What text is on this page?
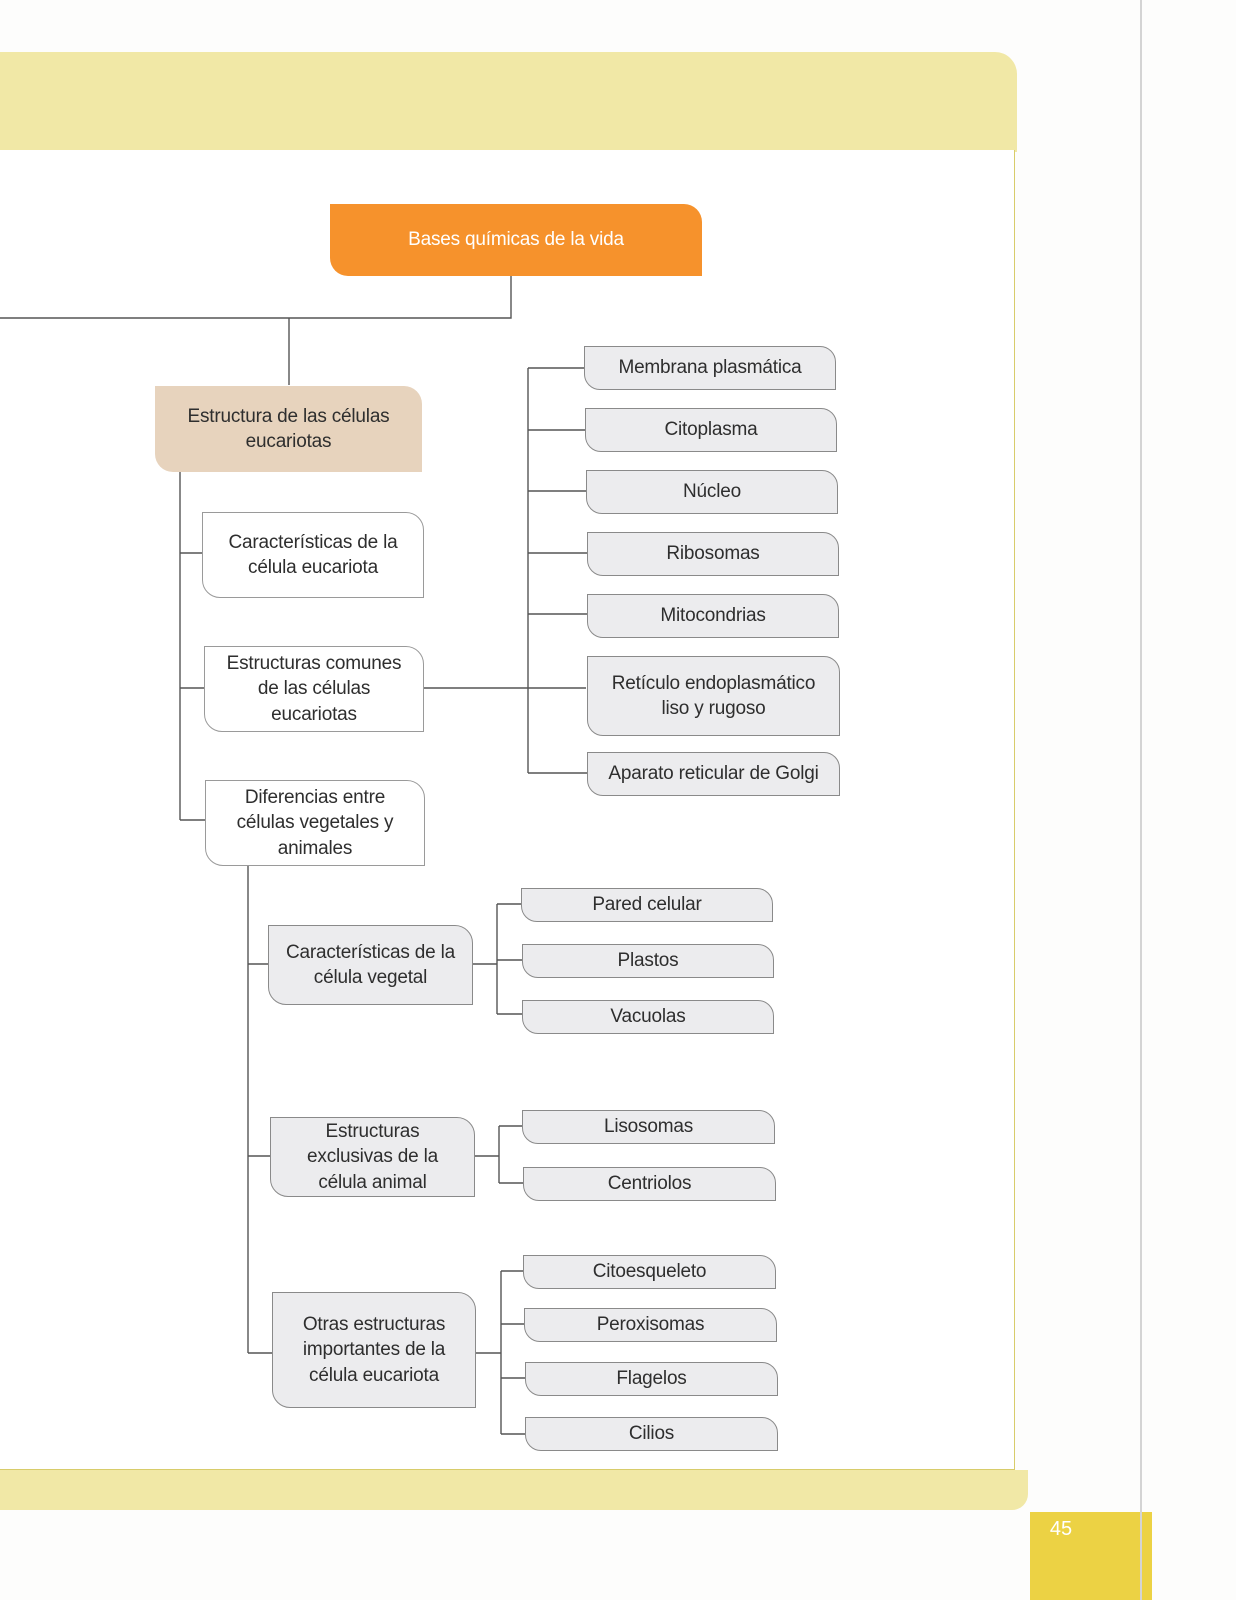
45
Bases químicas de la vida
Estructura de las células eucariotas
Características de la célula eucariota
Estructuras comunes de las células eucariotas
Diferencias entre células vegetales y animales
Membrana plasmática
Citoplasma
Núcleo
Ribosomas
Mitocondrias
Retículo endoplasmático liso y rugoso
Aparato reticular de Golgi
Características de la célula vegetal
Pared celular
Plastos
Vacuolas
Estructuras exclusivas de la célula animal
Lisosomas
Centriolos
Otras estructuras importantes de la célula eucariota
Citoesqueleto
Peroxisomas
Flagelos
Cilios
